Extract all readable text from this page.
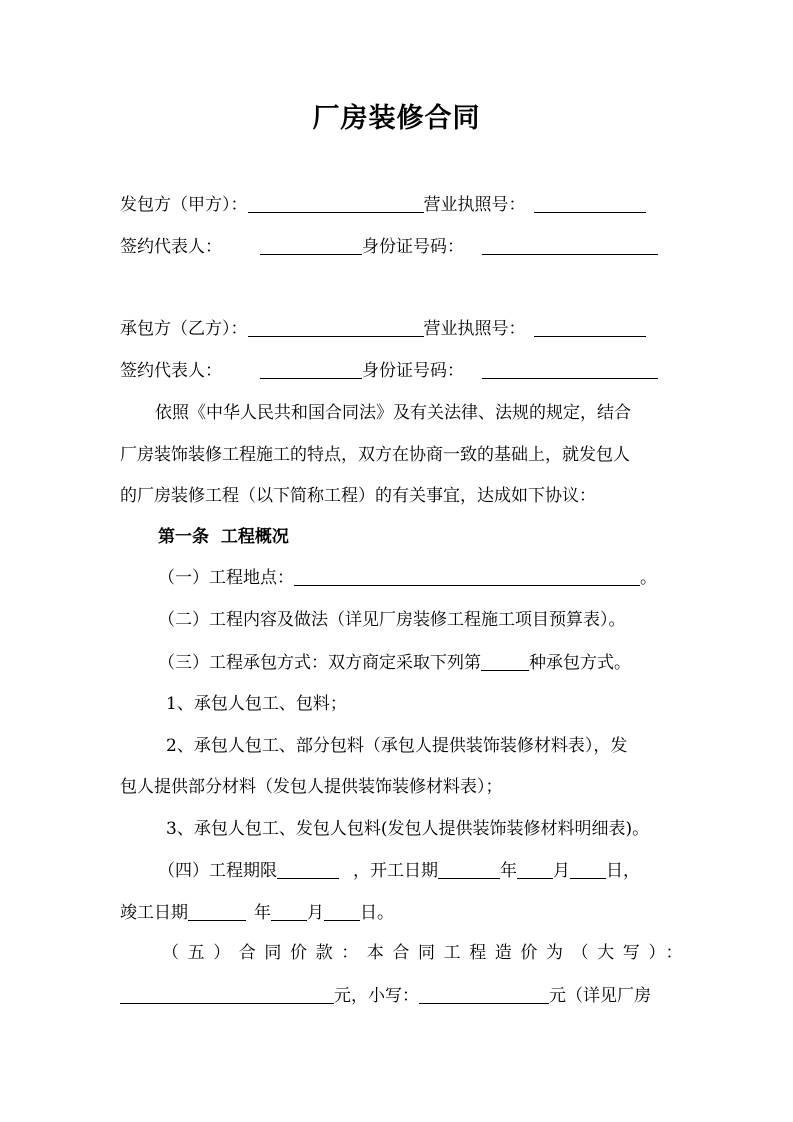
厂房装修合同
发包方（甲方）：	营业执照号：
签约代表人：	身份证号码：
承包方（乙方）：	营业执照号：
签约代表人：	身份证号码：
依照《中华人民共和国合同法》及有关法律、法规的规定，结合
厂房装饰装修工程施工的特点，双方在协商一致的基础上，就发包人
的厂房装修工程（以下简称工程）的有关事宜，达成如下协议：
第一条  工程概况
（一）工程地点：	。
（二）工程内容及做法（详见厂房装修工程施工项目预算表）。
（三）工程承包方式：双方商定采取下列第	种承包方式。
1、承包人包工、包料；
2、承包人包工、部分包料（承包人提供装饰装修材料表），发
包人提供部分材料（发包人提供装饰装修材料表）；
3、承包人包工、发包人包料(发包人提供装饰装修材料明细表)。
（四）工程期限	，开工日期	年 月 日，
竣工日期	年 月 日。
（五）合同价款：本合同工程造价为（大写）：
元，小写：	元（详见厂房
